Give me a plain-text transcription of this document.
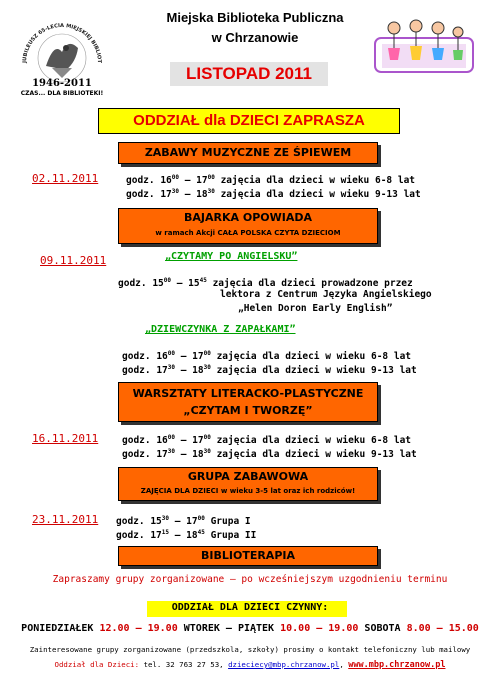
JUBILEUSZ 65-LECIA MIEJSKIEJ BIBLIOT
1946-2011
CZAS... DLA BIBLIOTEKI!
Miejska Biblioteka Publiczna
w Chrzanowie
LISTOPAD 2011
ODDZIAŁ dla DZIECI ZAPRASZA
ZABAWY MUZYCZNE ZE ŚPIEWEM
02.11.2011	godz. $16^{00} - 17^{00}$ zajęcia dla dzieci w wieku 6-8 lat
godz. $17^{30} - 18^{30}$ zajęcia dla dzieci w wieku 9-13 lat
BAJARKA OPOWIADA
w ramach Akcji CAŁA POLSKA CZYTA DZIECIOM
09.11.2011	„CZYTAMY PO ANGIELSKU”
godz. $15^{00} - 15^{45}$ zajęcia dla dzieci prowadzone przez
lektora z Centrum Języka Angielskiego
„Helen Doron Early English”
„DZIEWCZYNKA Z ZAPAŁKAMI”
godz. $16^{00} - 17^{00}$ zajęcia dla dzieci w wieku 6-8 lat
godz. $17^{30} - 18^{30}$ zajęcia dla dzieci w wieku 9-13 lat
WARSZTATY LITERACKO-PLASTYCZNE
„CZYTAM I TWORZĘ”
16.11.2011	godz. $16^{00} - 17^{00}$ zajęcia dla dzieci w wieku 6-8 lat
godz. $17^{30} - 18^{30}$ zajęcia dla dzieci w wieku 9-13 lat
GRUPA ZABAWOWA
ZAJĘCIA DLA DZIECI w wieku 3-5 lat oraz ich rodziców!
23.11.2011 godz. $15^{30} - 17^{00}$ Grupa I
godz. $17^{15} - 18^{45}$ Grupa II
BIBLIOTERAPIA
Zapraszamy grupy zorganizowane – po wcześniejszym uzgodnieniu terminu
ODDZIAŁ DLA DZIECI CZYNNY:
PONIEDZIAŁEK 12.00 – 19.00 WTOREK – PIĄTEK 10.00 – 19.00 SOBOTA 8.00 – 15.00
Zainteresowane grupy zorganizowane (przedszkola, szkoły) prosimy o kontakt telefoniczny lub mailowy
Oddział dla Dzieci: tel. 32 763 27 53, dzieciecy@mbp.chrzanow.pl, www.mbp.chrzanow.pl
